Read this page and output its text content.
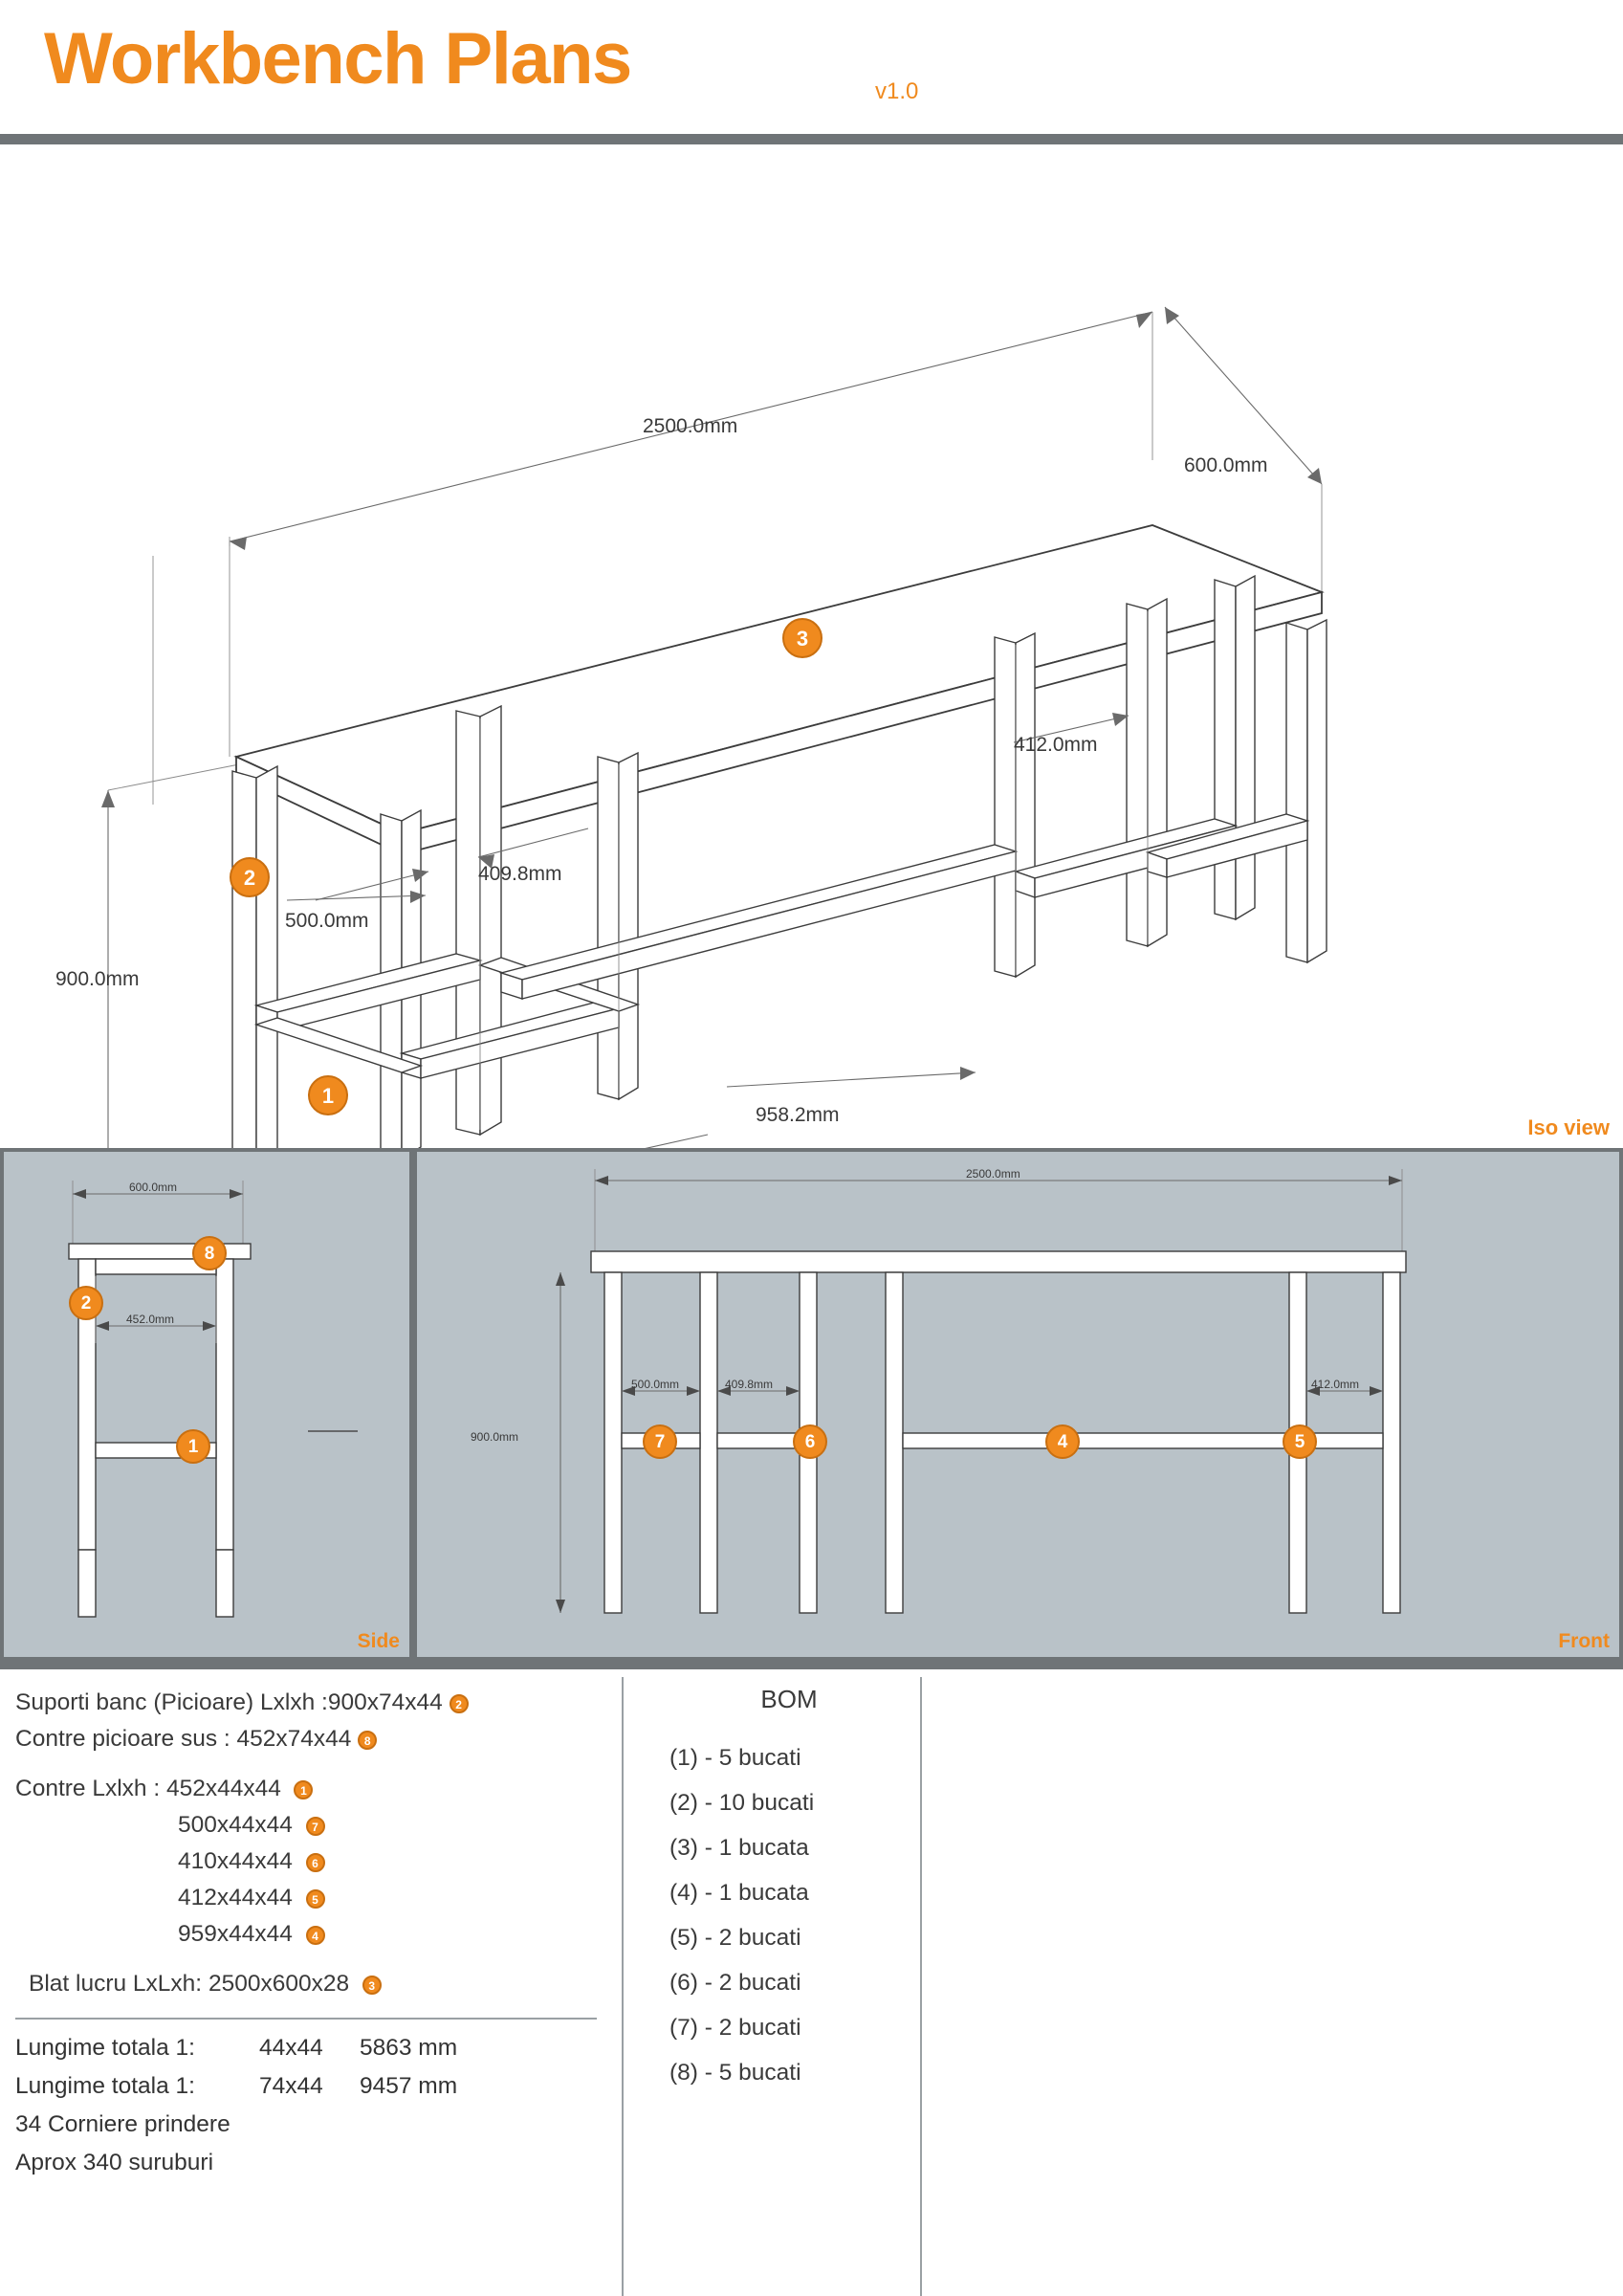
Workbench Plans	v1.0
2500.0mm
600.0mm
900.0mm
500.0mm
409.8mm
412.0mm
958.2mm
3
2
1
Iso view
600.0mm
452.0mm
8
2
1
Side
2500.0mm
900.0mm
500.0mm	409.8mm	412.0mm
7	6	4	5
Front
Suporti banc (Picioare) Lxlxh :900x74x44 2
Contre picioare sus : 452x74x44 8
Contre Lxlxh : 452x44x44 1
500x44x44 7
410x44x44 6
412x44x44 5
959x44x44 4
Blat lucru LxLxh: 2500x600x28 3
Lungime totala 1:	44x44 5863 mm
Lungime totala 1:	74x44 9457 mm
34 Corniere prindere
Aprox 340 suruburi
BOM
(1) - 5 bucati
(2) - 10 bucati
(3) - 1 bucata
(4) - 1 bucata
(5) - 2 bucati
(6) - 2 bucati
(7) - 2 bucati
(8) - 5 bucati
